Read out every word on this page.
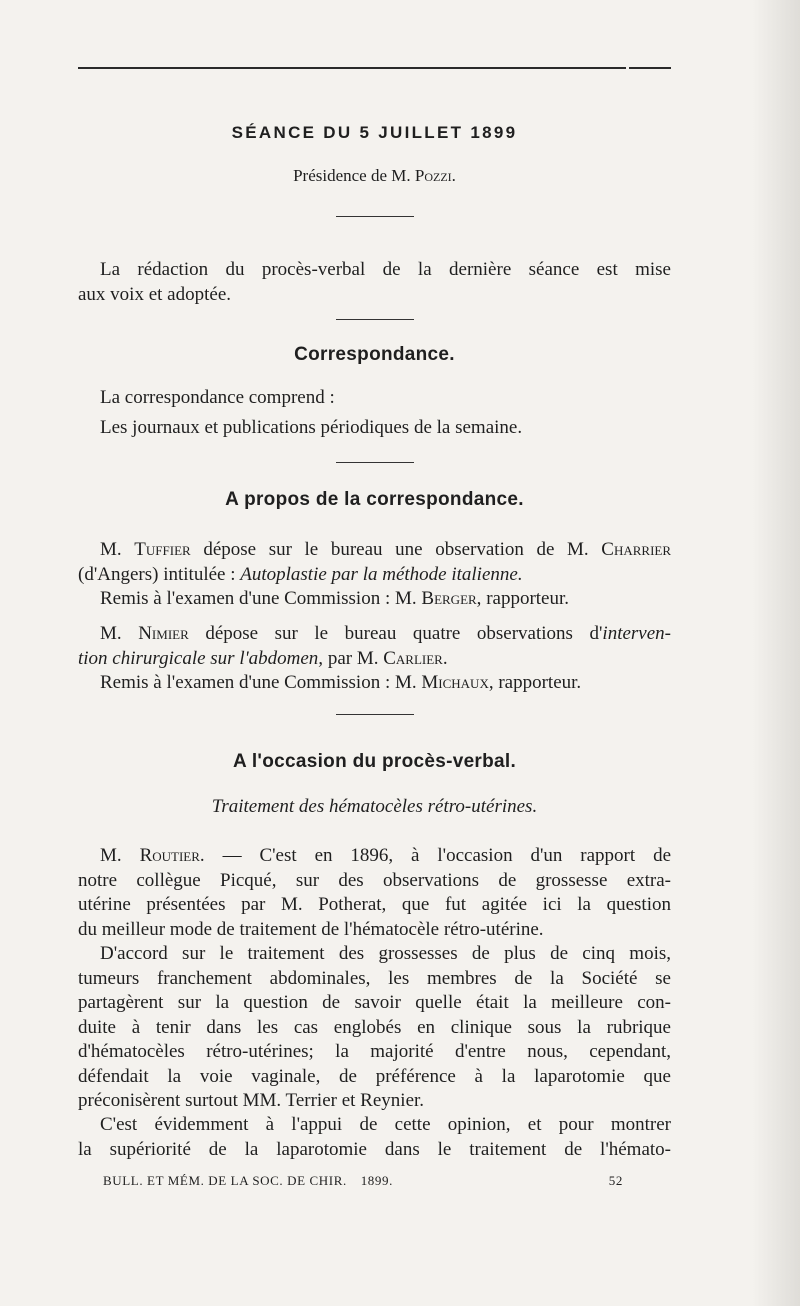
SÉANCE DU 5 JUILLET 1899
Présidence de M. Pozzi.
La rédaction du procès-verbal de la dernière séance est mise
aux voix et adoptée.
Correspondance.
La correspondance comprend :
Les journaux et publications périodiques de la semaine.
A propos de la correspondance.
M. Tuffier dépose sur le bureau une observation de M. Charrier
(d'Angers) intitulée : Autoplastie par la méthode italienne.
Remis à l'examen d'une Commission : M. Berger, rapporteur.
M. Nimier dépose sur le bureau quatre observations d'interven-
tion chirurgicale sur l'abdomen, par M. Carlier.
Remis à l'examen d'une Commission : M. Michaux, rapporteur.
A l'occasion du procès-verbal.
Traitement des hématocèles rétro-utérines.
M. Routier. — C'est en 1896, à l'occasion d'un rapport de
notre collègue Picqué, sur des observations de grossesse extra-
utérine présentées par M. Potherat, que fut agitée ici la question
du meilleur mode de traitement de l'hématocèle rétro-utérine.
D'accord sur le traitement des grossesses de plus de cinq mois,
tumeurs franchement abdominales, les membres de la Société se
partagèrent sur la question de savoir quelle était la meilleure con-
duite à tenir dans les cas englobés en clinique sous la rubrique
d'hématocèles rétro-utérines; la majorité d'entre nous, cependant,
défendait la voie vaginale, de préférence à la laparotomie que
préconisèrent surtout MM. Terrier et Reynier.
C'est évidemment à l'appui de cette opinion, et pour montrer
la supériorité de la laparotomie dans le traitement de l'hémato-
BULL. ET MÉM. DE LA SOC. DE CHIR. 1899.	52
